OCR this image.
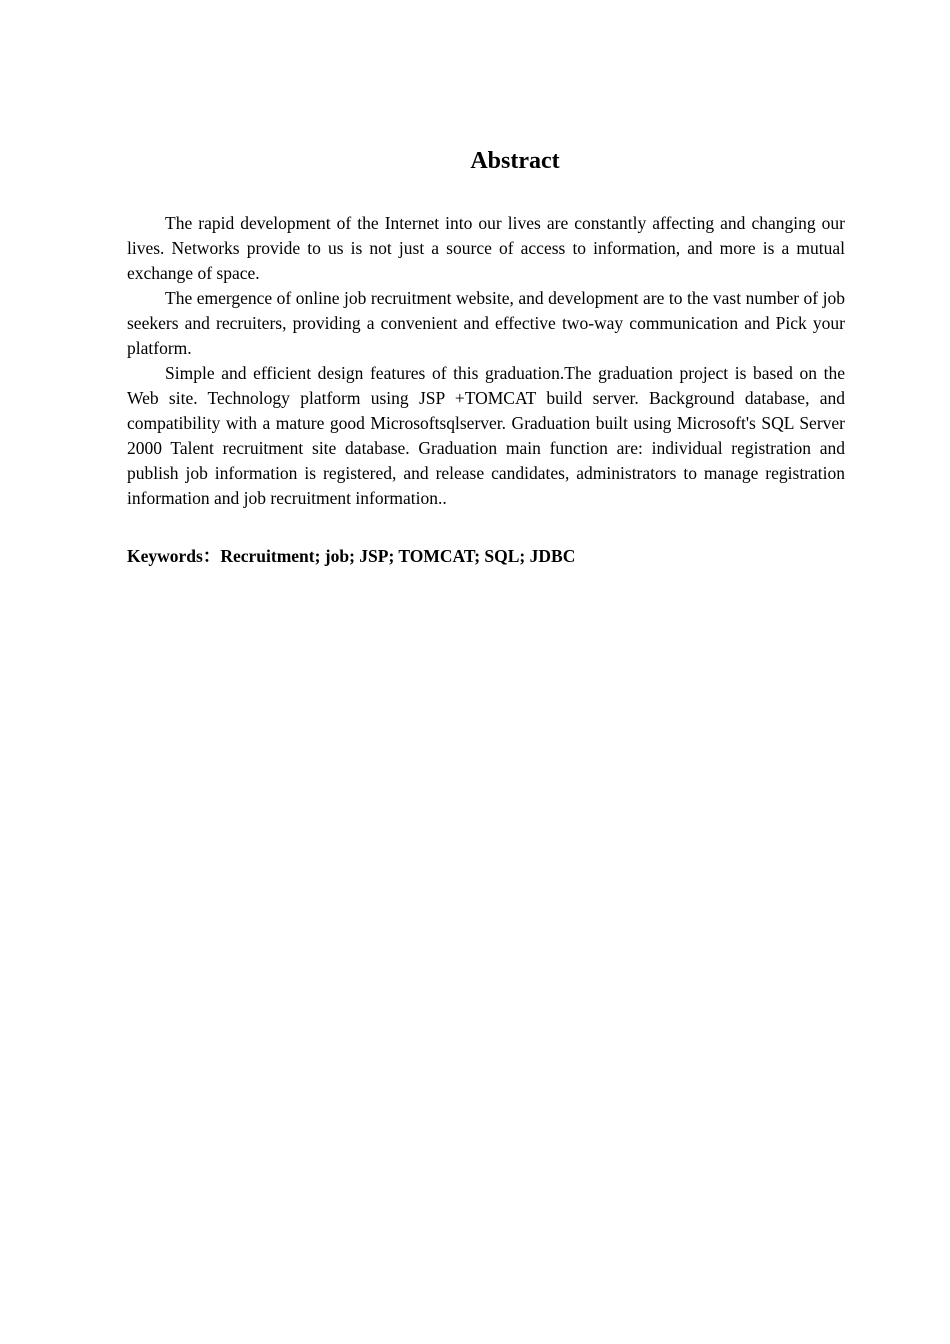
Abstract

The rapid development of the Internet into our lives are constantly affecting and changing our lives. Networks provide to us is not just a source of access to information, and more is a mutual exchange of space.

The emergence of online job recruitment website, and development are to the vast number of job seekers and recruiters, providing a convenient and effective two-way communication and Pick your platform.

Simple and efficient design features of this graduation.The graduation project is based on the Web site. Technology platform using JSP +TOMCAT build server. Background database, and compatibility with a mature good Microsoftsqlserver. Graduation built using Microsoft's SQL Server 2000 Talent recruitment site database. Graduation main function are: individual registration and publish job information is registered, and release candidates, administrators to manage registration information and job recruitment information..

Keywords：Recruitment; job; JSP; TOMCAT; SQL; JDBC
